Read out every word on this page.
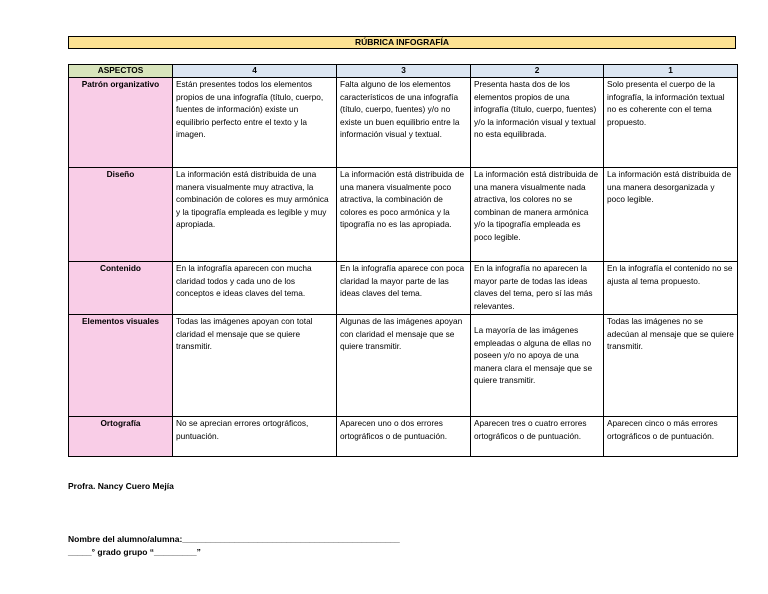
RÚBRICA INFOGRAFÍA
ASPECTOS	4	3	2	1
Patrón organizativo	Están presentes todos los elementos propios de una infografía (título, cuerpo, fuentes de información) existe un equilibrio perfecto entre el texto y la imagen.	Falta alguno de los elementos característicos de una infografía (título, cuerpo, fuentes) y/o no existe un buen equilibrio entre la información visual y textual.	Presenta hasta dos de los elementos propios de una infografía (título, cuerpo, fuentes) y/o la información visual y textual no esta equilibrada.	Solo presenta el cuerpo de la infografía, la información textual no es coherente con el tema propuesto.
Diseño	La información está distribuida de una manera visualmente muy atractiva, la combinación de colores es muy armónica y la tipografía empleada es legible y muy apropiada.	La información está distribuida de una manera visualmente poco atractiva, la combinación de colores es poco armónica y la tipografía no es las apropiada.	La información está distribuida de una manera visualmente nada atractiva, los colores no se combinan de manera armónica y/o la tipografía empleada es poco legible.	La información está distribuida de una manera desorganizada y poco legible.
Contenido	En la infografía aparecen con mucha claridad todos y cada uno de los conceptos e ideas claves del tema.	En la infografía aparece con poca claridad la mayor parte de las ideas claves del tema.	En la infografía no aparecen la mayor parte de todas las ideas claves del tema, pero sí las más relevantes.	En la infografía el contenido no se ajusta al tema propuesto.
Elementos visuales	Todas las imágenes apoyan con total claridad el mensaje que se quiere transmitir.	Algunas de las imágenes apoyan con claridad el mensaje que se quiere transmitir.	La mayoría de las imágenes empleadas o alguna de ellas no poseen y/o no apoya de una manera clara el mensaje que se quiere transmitir.	Todas las imágenes no se adecúan al mensaje que se quiere transmitir.
Ortografía	No se aprecian errores ortográficos, puntuación.	Aparecen uno o dos errores ortográficos o de puntuación.	Aparecen tres o cuatro errores ortográficos o de puntuación.	Aparecen cinco o más errores ortográficos o de puntuación.
Profra. Nancy Cuero Mejía
Nombre del alumno/alumna:______________________________________________
_____° grado grupo “_________”
